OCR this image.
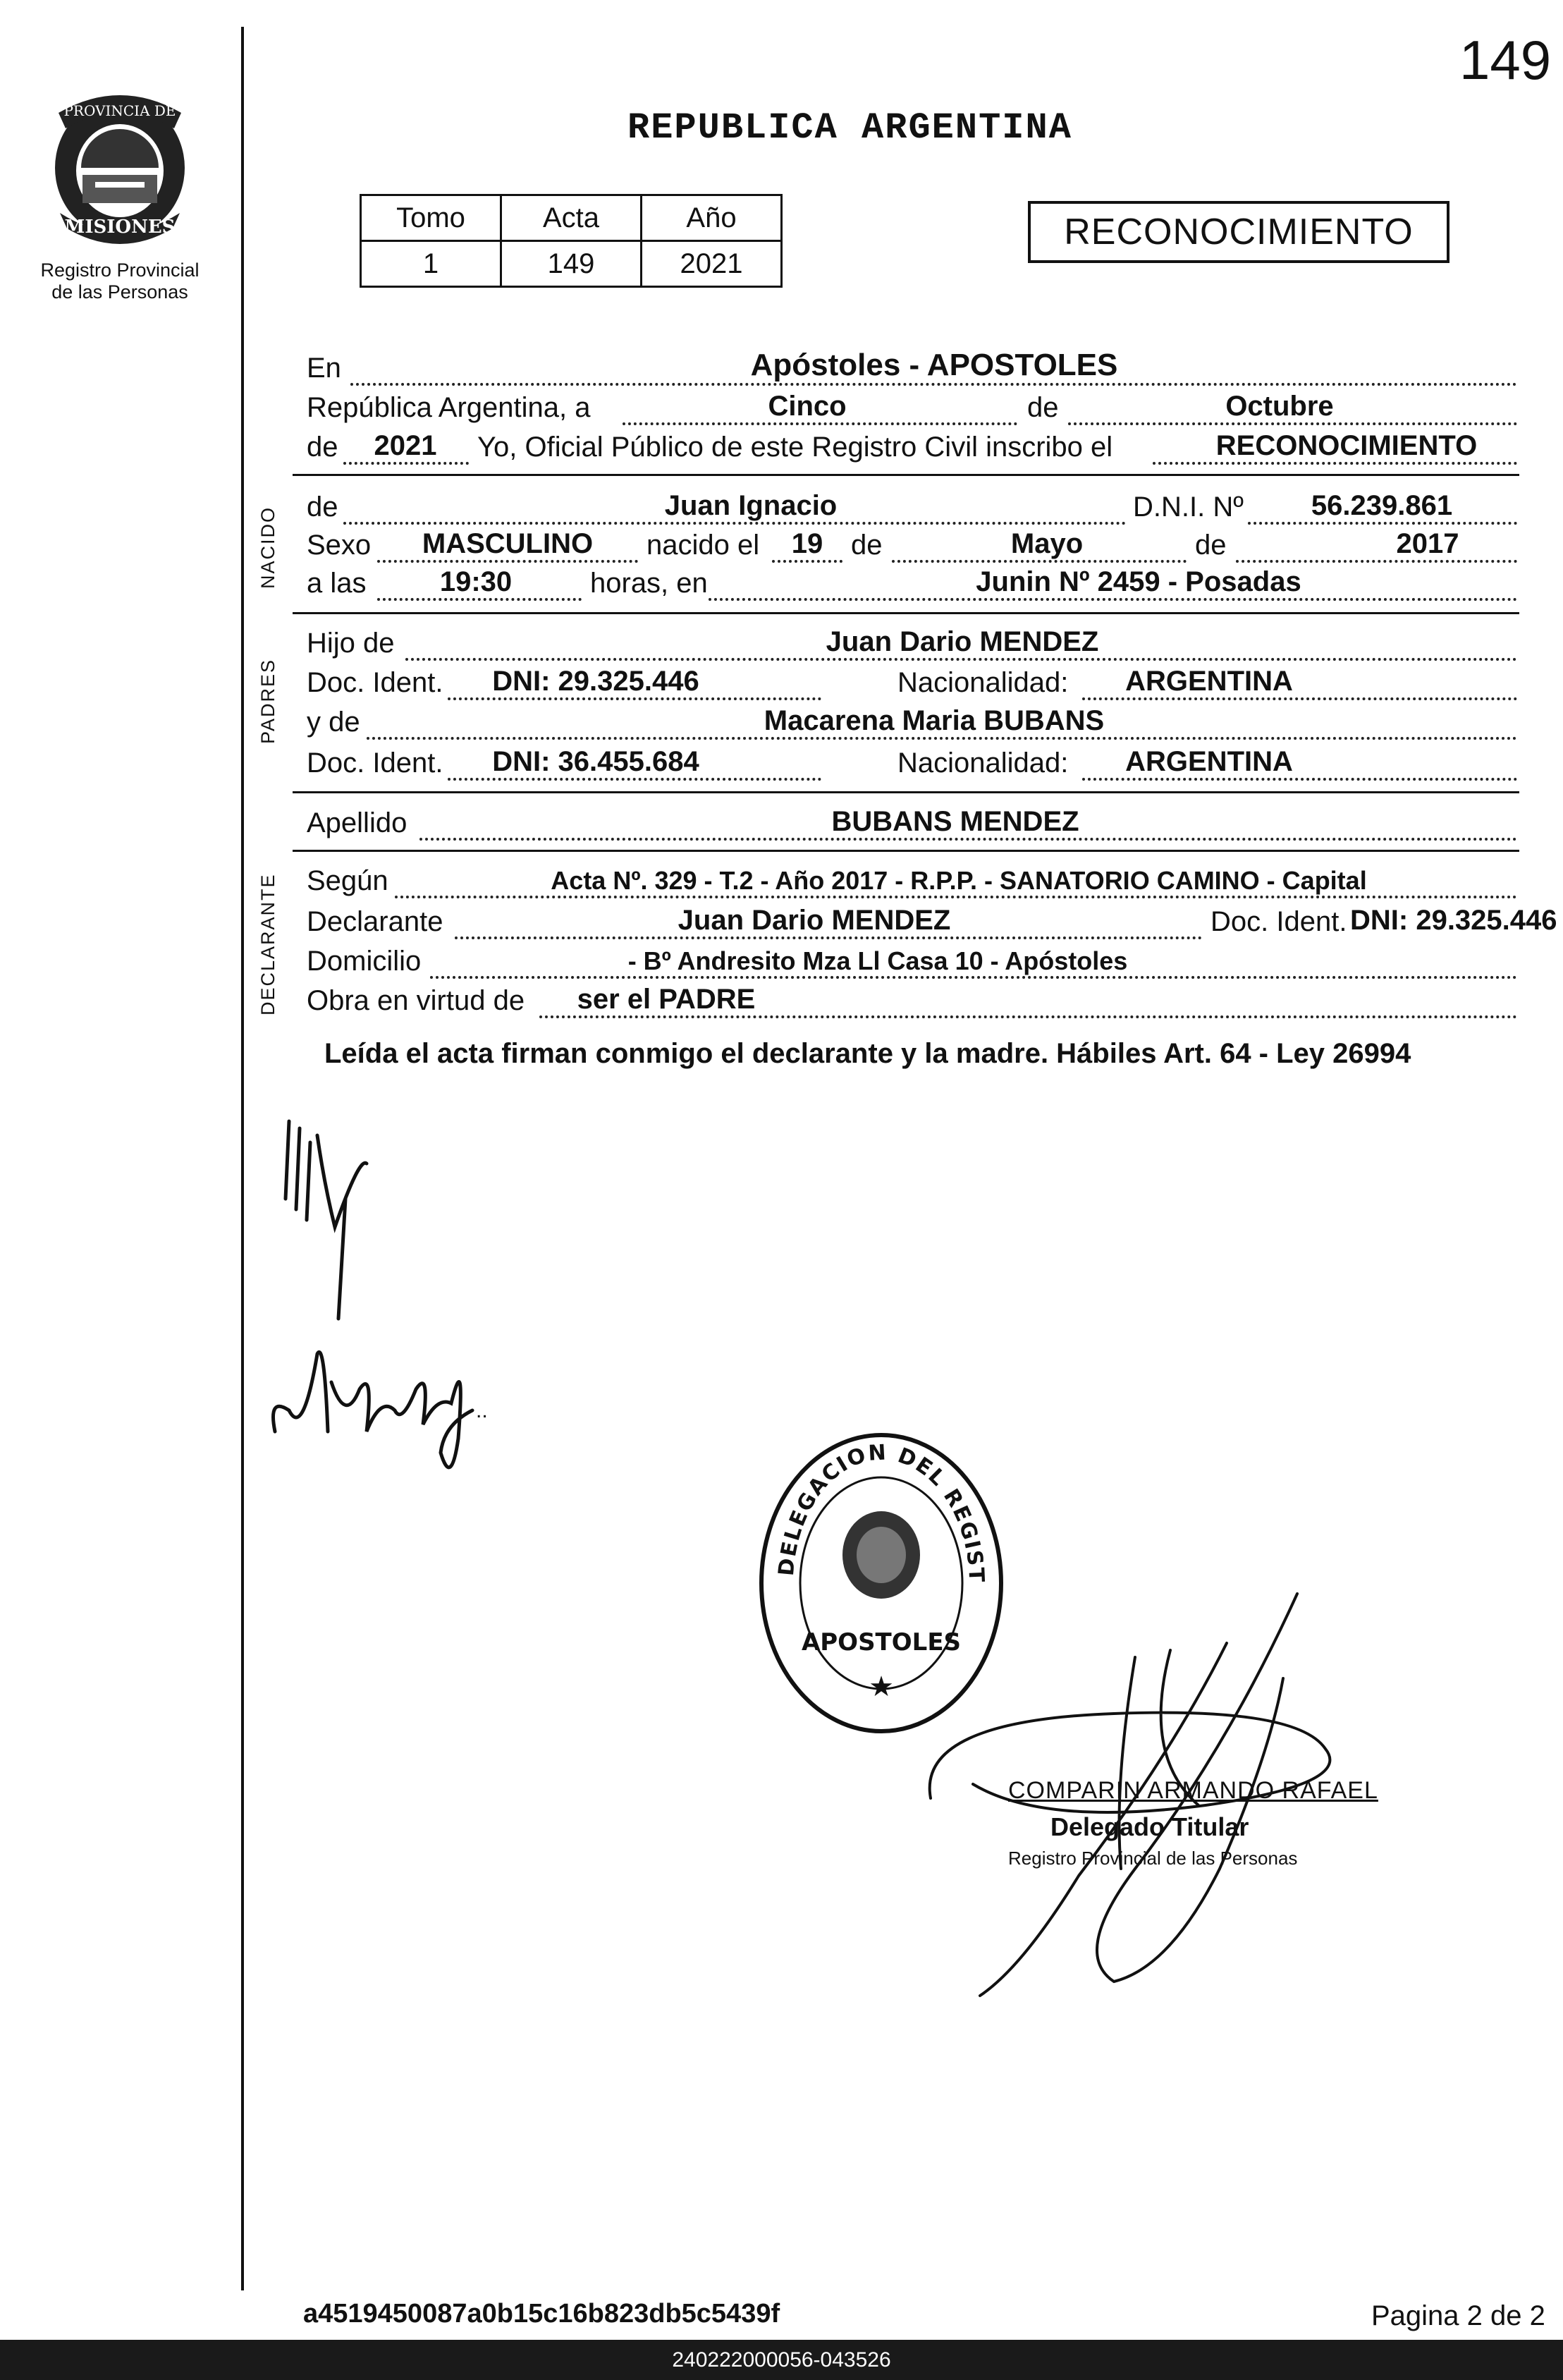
149
PROVINCIA DE
MISIONES
Registro Provincial
de las Personas
REPUBLICA ARGENTINA
Tomo	Acta	Año
1	149	2021
RECONOCIMIENTO
En	Apóstoles - APOSTOLES
República Argentina, a	Cinco	de	Octubre
de	2021	Yo, Oficial Público de este Registro Civil inscribo el	RECONOCIMIENTO
NACIDO de	Juan Ignacio	D.N.I. Nº	56.239.861
Sexo	MASCULINO	nacido el	19 de	Mayo	de	2017
a las	19:30	horas, en	Junin Nº 2459 - Posadas
PADRES
Hijo de	Juan Dario MENDEZ
Doc. Ident.	DNI: 29.325.446	Nacionalidad:	ARGENTINA
y de	Macarena Maria BUBANS
Doc. Ident.	DNI: 36.455.684	Nacionalidad:	ARGENTINA
Apellido	BUBANS MENDEZ
DECLARANTE Según	Acta Nº. 329 - T.2 - Año 2017 - R.P.P. - SANATORIO CAMINO - Capital
Declarante	Juan Dario MENDEZ	Doc. Ident. DNI: 29.325.446
Domicilio	- Bº Andresito Mza Ll Casa 10 - Apóstoles
Obra en virtud de	ser el PADRE
Leída el acta firman conmigo el declarante y la madre. Hábiles Art. 64 - Ley 26994
..
DELEGACION DEL REGIST
APOSTOLES
★
COMPARIN ARMANDO RAFAEL
Delegado Titular
Registro Provincial de las Personas
a4519450087a0b15c16b823db5c5439f	Pagina 2 de 2
240222000056-043526
